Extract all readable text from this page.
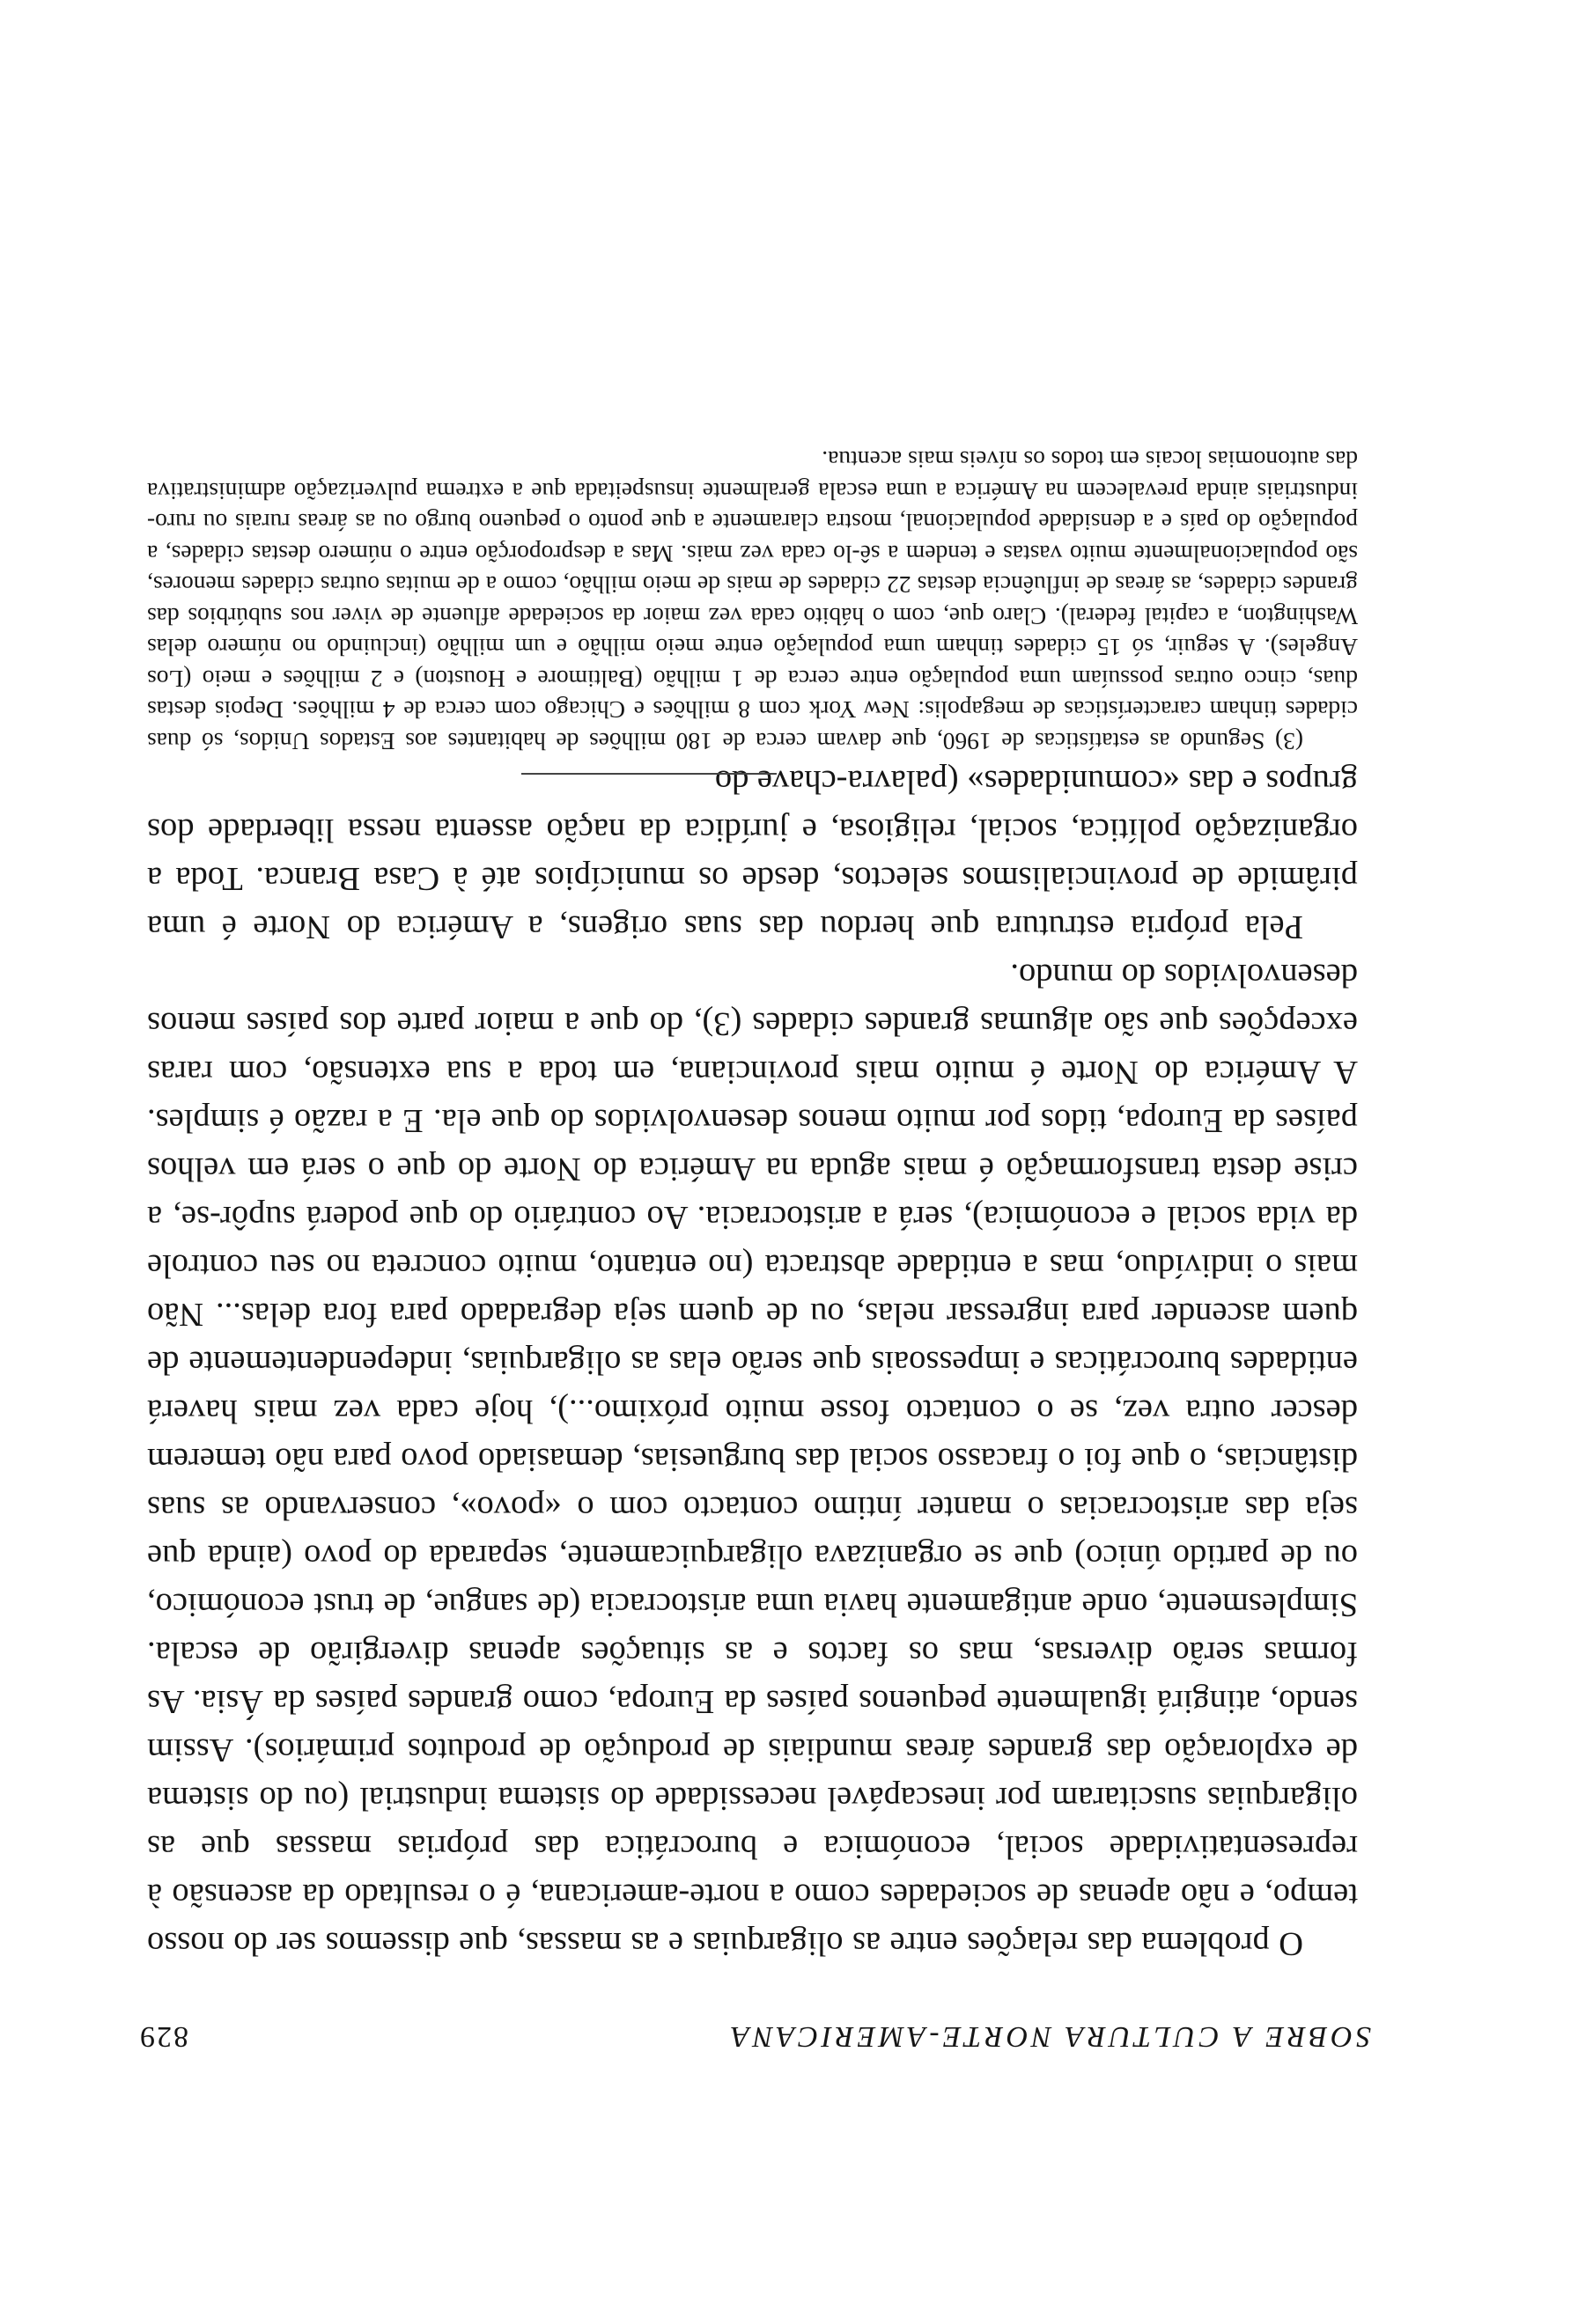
SOBRE A CULTURA NORTE-AMERICANA
829

O problema das relações entre as oligarquias e as massas, que dissemos ser do nosso tempo, e não apenas de sociedades como a norte-americana, é o resultado da ascensão à representatividade social, económica e burocrática das próprias massas que as oligarquias suscitaram por inescapável necessidade do sistema industrial (ou do sistema de exploração das grandes áreas mundiais de produção de produtos primários). Assim sendo, atingirá igualmente pequenos países da Europa, como grandes países da Ásia. As formas serão diversas, mas os factos e as situações apenas divergirão de escala. Simplesmente, onde antigamente havia uma aristocracia (de sangue, de trust económico, ou de partido único) que se organizava oligarquicamente, separada do povo (ainda que seja das aristocracias o manter íntimo contacto com o «povo», conservando as suas distâncias, o que foi o fracasso social das burguesias, demasiado povo para não temerem descer outra vez, se o contacto fosse muito próximo...), hoje cada vez mais haverá entidades burocráticas e impessoais que serão elas as oligarquias, independentemente de quem ascender para ingressar nelas, ou de quem seja degradado para fora delas... Não mais o indivíduo, mas a entidade abstracta (no entanto, muito concreta no seu controle da vida social e económica), será a aristocracia. Ao contrário do que poderá supôr-se, a crise desta transformação é mais aguda na América do Norte do que o será em velhos países da Europa, tidos por muito menos desenvolvidos do que ela. E a razão é simples. A América do Norte é muito mais provinciana, em toda a sua extensão, com raras excepções que são algumas grandes cidades (3), do que a maior parte dos países menos desenvolvidos do mundo.

Pela própria estrutura que herdou das suas origens, a América do Norte é uma pirâmide de provincialismos selectos, desde os municípios até à Casa Branca. Toda a organização política, social, religiosa, e jurídica da nação assenta nessa liberdade dos grupos e das «comunidades» (palavra-chave do

(3) Segundo as estatísticas de 1960, que davam cerca de 180 milhões de habitantes aos Estados Unidos, só duas cidades tinham características de megapolis: New York com 8 milhões e Chicago com cerca de 4 milhões. Depois destas duas, cinco outras possuíam uma população entre cerca de 1 milhão (Baltimore e Houston) e 2 milhões e meio (Los Angeles). A seguir, só 15 cidades tinham uma população entre meio milhão e um milhão (incluindo no número delas Washington, a capital federal). Claro que, com o hábito cada vez maior da sociedade afluente de viver nos subúrbios das grandes cidades, as áreas de influência destas 22 cidades de mais de meio milhão, como a de muitas outras cidades menores, são populacionalmente muito vastas e tendem a sê-lo cada vez mais. Mas a desproporção entre o número destas cidades, a população do país e a densidade populacional, mostra claramente a que ponto o pequeno burgo ou as áreas rurais ou ruro-industriais ainda prevalecem na América a uma escala geralmente insuspeitada que a extrema pulverização administrativa das autonomias locais em todos os níveis mais acentua.
